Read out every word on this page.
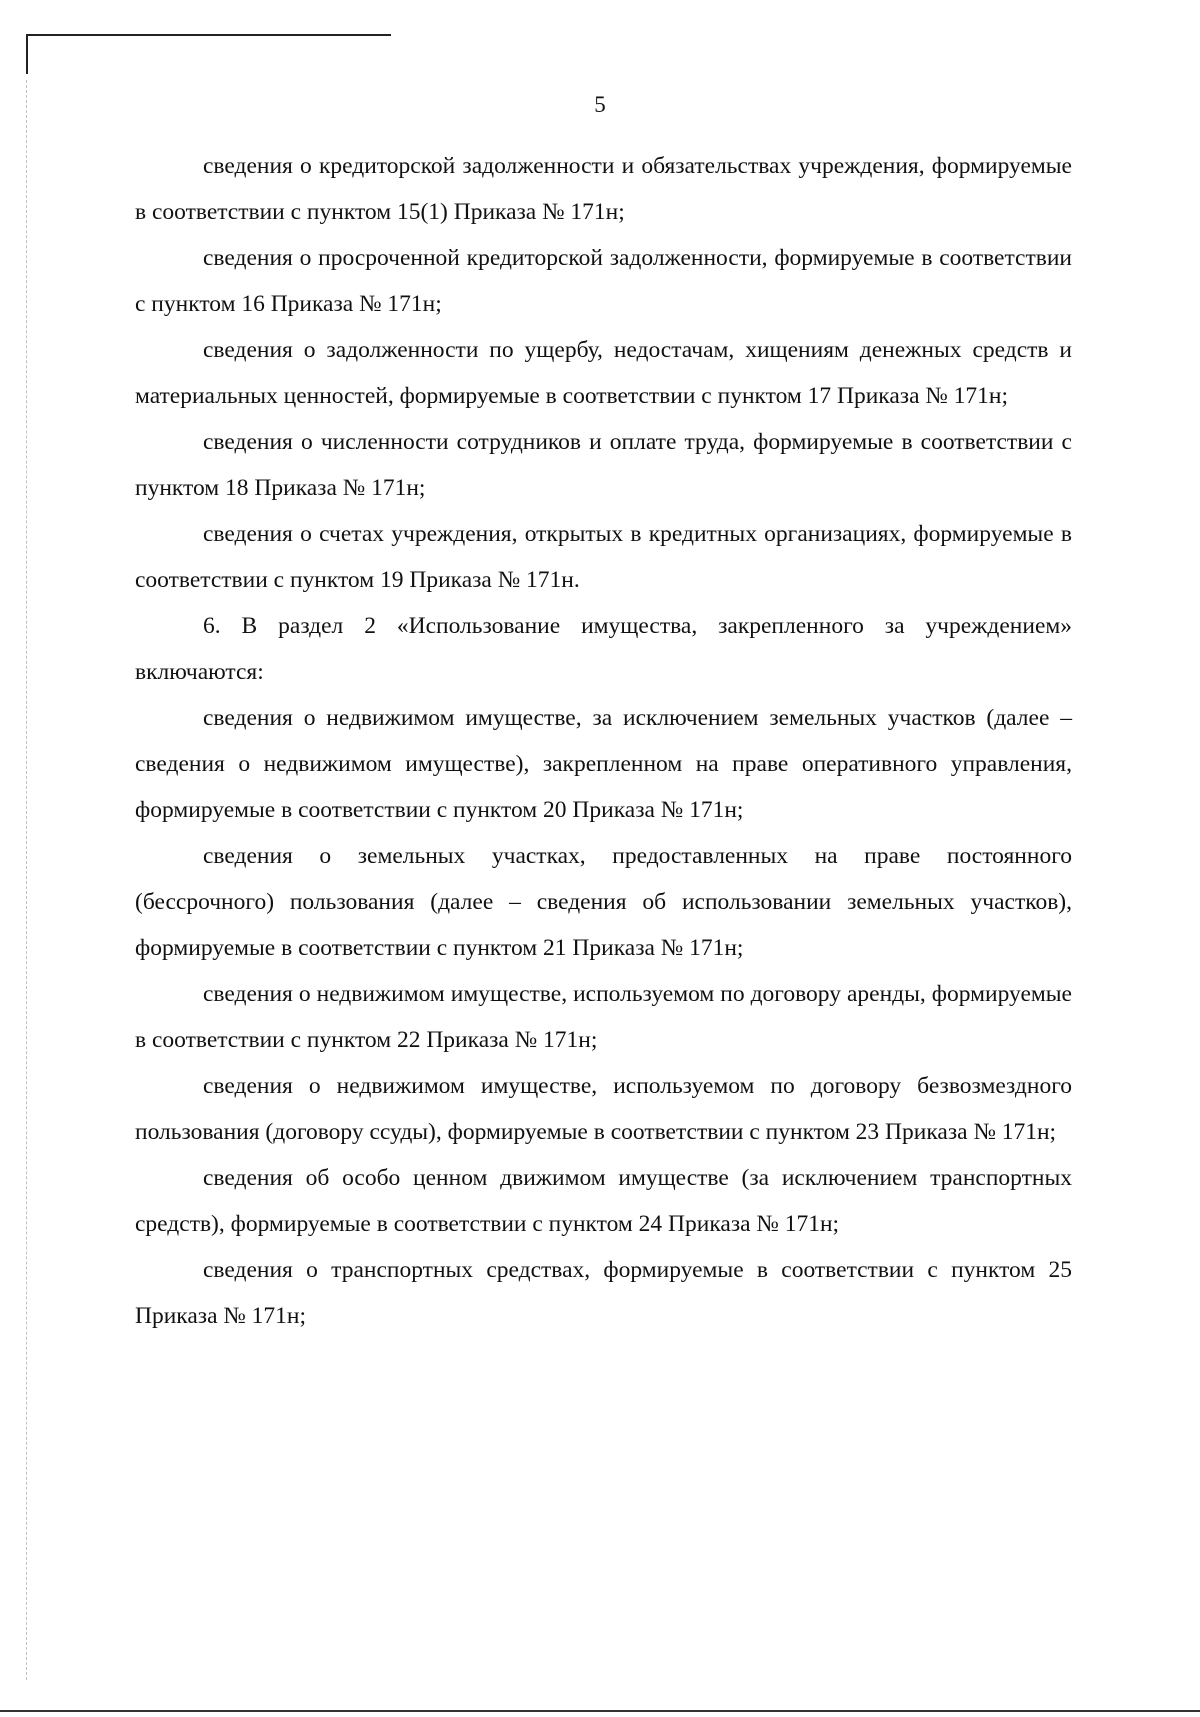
5

сведения о кредиторской задолженности и обязательствах учреждения, формируемые в соответствии с пунктом 15(1) Приказа № 171н;

сведения о просроченной кредиторской задолженности, формируемые в соответствии с пунктом 16 Приказа № 171н;

сведения о задолженности по ущербу, недостачам, хищениям денежных средств и материальных ценностей, формируемые в соответствии с пунктом 17 Приказа № 171н;

сведения о численности сотрудников и оплате труда, формируемые в соответствии с пунктом 18 Приказа № 171н;

сведения о счетах учреждения, открытых в кредитных организациях, формируемые в соответствии с пунктом 19 Приказа № 171н.

6. В раздел 2 «Использование имущества, закрепленного за учреждением» включаются:

сведения о недвижимом имуществе, за исключением земельных участков (далее – сведения о недвижимом имуществе), закрепленном на праве оперативного управления, формируемые в соответствии с пунктом 20 Приказа № 171н;

сведения о земельных участках, предоставленных на праве постоянного (бессрочного) пользования (далее – сведения об использовании земельных участков), формируемые в соответствии с пунктом 21 Приказа № 171н;

сведения о недвижимом имуществе, используемом по договору аренды, формируемые в соответствии с пунктом 22 Приказа № 171н;

сведения о недвижимом имуществе, используемом по договору безвозмездного пользования (договору ссуды), формируемые в соответствии с пунктом 23 Приказа № 171н;

сведения об особо ценном движимом имуществе (за исключением транспортных средств), формируемые в соответствии с пунктом 24 Приказа № 171н;

сведения о транспортных средствах, формируемые в соответствии с пунктом 25 Приказа № 171н;
